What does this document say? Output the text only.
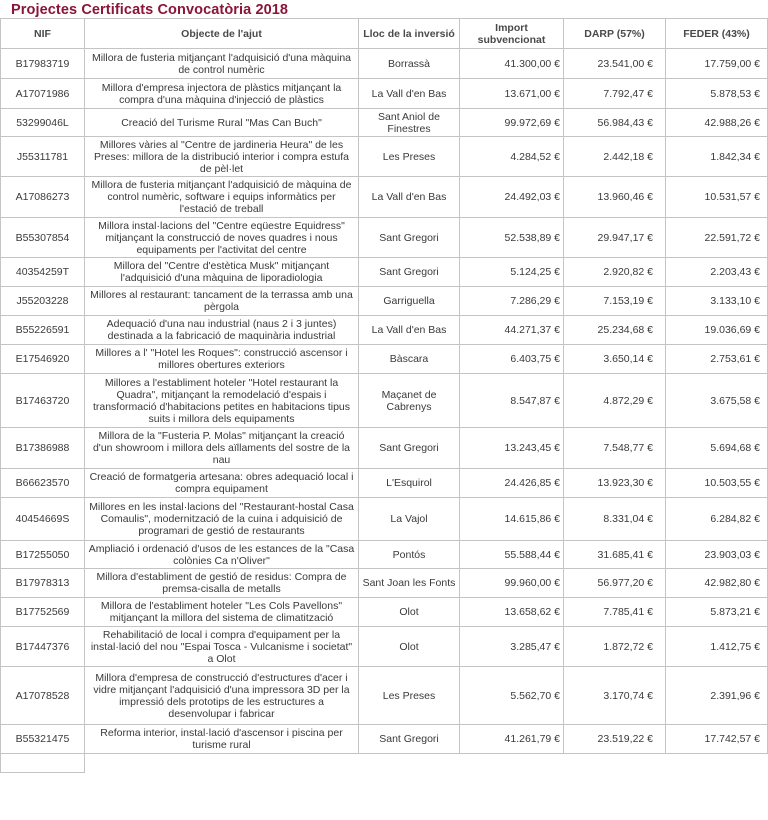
Projectes Certificats Convocatòria 2018
NIF	Objecte de l'ajut	Lloc de la inversió	Import subvencionat	DARP (57%)	FEDER (43%)
B17983719	Millora de fusteria mitjançant l'adquisició d'una màquina de control numèric	Borrassà	41.300,00 €	23.541,00 €	17.759,00 €
A17071986	Millora d'empresa injectora de plàstics mitjançant la compra d'una màquina d'injecció de plàstics	La Vall d'en Bas	13.671,00 €	7.792,47 €	5.878,53 €
53299046L	Creació del Turisme Rural "Mas Can Buch"	Sant Aniol de Finestres	99.972,69 €	56.984,43 €	42.988,26 €
J55311781	Millores vàries al "Centre de jardineria Heura" de les Preses: millora de la distribució interior i compra estufa de pèl·let	Les Preses	4.284,52 €	2.442,18 €	1.842,34 €
A17086273	Millora de fusteria mitjançant l'adquisició de màquina de control numèric, software i equips informàtics per l'estació de treball	La Vall d'en Bas	24.492,03 €	13.960,46 €	10.531,57 €
B55307854	Millora instal·lacions del "Centre eqüestre Equidress" mitjançant la construcció de noves quadres i nous equipaments per l'activitat del centre	Sant Gregori	52.538,89 €	29.947,17 €	22.591,72 €
40354259T	Millora del "Centre d'estètica Musk" mitjançant l'adquisició d'una màquina de liporadiologia	Sant Gregori	5.124,25 €	2.920,82 €	2.203,43 €
J55203228	Millores al restaurant: tancament de la terrassa amb una pèrgola	Garriguella	7.286,29 €	7.153,19 €	3.133,10 €
B55226591	Adequació d'una nau industrial (naus 2 i 3 juntes) destinada a la fabricació de maquinària industrial	La Vall d'en Bas	44.271,37 €	25.234,68 €	19.036,69 €
E17546920	Millores a l' "Hotel les Roques": construcció ascensor i millores obertures exteriors	Bàscara	6.403,75 €	3.650,14 €	2.753,61 €
B17463720	Millores a l'establiment hoteler "Hotel restaurant la Quadra", mitjançant la remodelació d'espais i transformació d'habitacions petites en habitacions tipus suits i millora dels equipaments	Maçanet de Cabrenys	8.547,87 €	4.872,29 €	3.675,58 €
B17386988	Millora de la "Fusteria P. Molas" mitjançant la creació d'un showroom i millora dels aïllaments del sostre de la nau	Sant Gregori	13.243,45 €	7.548,77 €	5.694,68 €
B66623570	Creació de formatgeria artesana: obres adequació local i compra equipament	L'Esquirol	24.426,85 €	13.923,30 €	10.503,55 €
40454669S	Millores en les instal·lacions del "Restaurant-hostal Casa Comaulis", modernització de la cuina i adquisició de programari de gestió de restaurants	La Vajol	14.615,86 €	8.331,04 €	6.284,82 €
B17255050	Ampliació i ordenació d'usos de les estances de la "Casa colònies Ca n'Oliver"	Pontós	55.588,44 €	31.685,41 €	23.903,03 €
B17978313	Millora d'establiment de gestió de residus: Compra de premsa-cisalla de metalls	Sant Joan les Fonts	99.960,00 €	56.977,20 €	42.982,80 €
B17752569	Millora de l'establiment hoteler "Les Cols Pavellons" mitjançant la millora del sistema de climatització	Olot	13.658,62 €	7.785,41 €	5.873,21 €
B17447376	Rehabilitació de local i compra d'equipament per la instal·lació del nou "Espai Tosca - Vulcanisme i societat" a Olot	Olot	3.285,47 €	1.872,72 €	1.412,75 €
A17078528	Millora d'empresa de construcció d'estructures d'acer i vidre mitjançant l'adquisició d'una impressora 3D per la impressió dels prototips de les estructures a desenvolupar i fabricar	Les Preses	5.562,70 €	3.170,74 €	2.391,96 €
B55321475	Reforma interior, instal·lació d'ascensor i piscina per turisme rural	Sant Gregori	41.261,79 €	23.519,22 €	17.742,57 €
